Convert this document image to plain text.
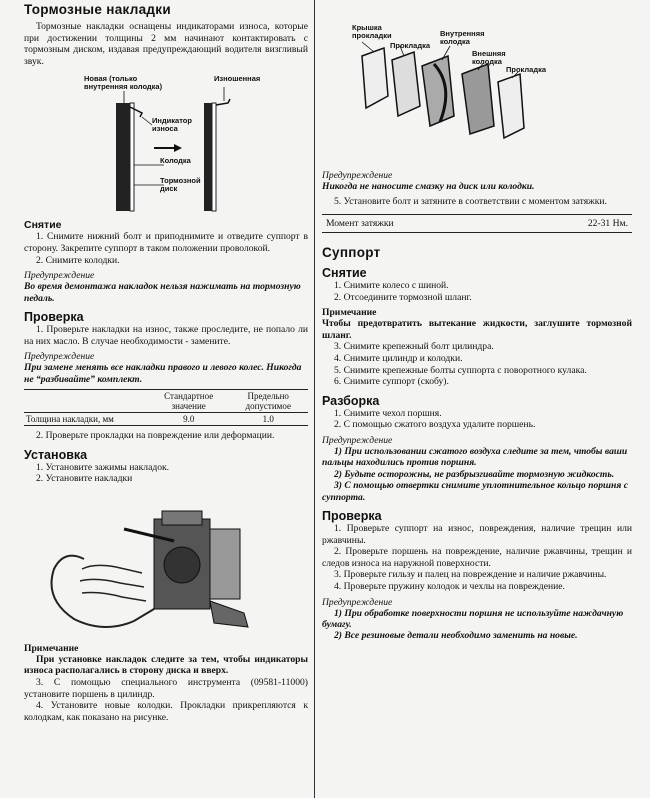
Тормозные накладки

Тормозные накладки оснащены индикаторами износа, которые при достижении толщины 2 мм начинают контактировать с тормозным диском, издавая предупреждающий водителя визгливый звук.

Новая (только внутренняя колодка)
Изношенная
Индикатор износа
Колодка
Тормозной диск
Снятие

1. Снимите нижний болт и приподнимите и отведите суппорт в сторону. Закрепите суппорт в таком положении проволокой.

2. Снимите колодки.

Предупреждение
Во время демонтажа накладок нельзя нажимать на тормозную педаль.
Проверка

1. Проверьте накладки на износ, также проследите, не попало ли на них масло. В случае необходимости - замените.

Предупреждение
При замене менять все накладки правого и левого колес. Никогда не “разбивайте” комплект.
	Стандартное значение	Предельно допустимое
Толщина накладки, мм	9.0	1.0

2. Проверьте прокладки на повреждение или деформации.

Установка

1. Установите зажимы накладок.

2. Установите накладки

Примечание

При установке накладок следите за тем, чтобы индикаторы износа располагались в сторону диска и вверх.

3. С помощью специального инструмента (09581-11000) установите поршень в цилиндр.

4. Установите новые колодки. Прокладки прикрепляются к колодкам, как показано на рисунке.

Крышка прокладки
Прокладка
Внутренняя колодка
Внешняя колодка
Прокладка
Предупреждение
Никогда не наносите смазку на диск или колодки.

5. Установите болт и затяните в соответствии с моментом затяжки.

Момент затяжки	22-31 Нм.
Суппорт
Снятие

1. Снимите колесо с шиной.

2. Отсоедините тормозной шланг.

Примечание

Чтобы предотвратить вытекание жидкости, заглушите тормозной шланг.

3. Снимите крепежный болт цилиндра.

4. Снимите цилиндр и колодки.

5. Снимите крепежные болты суппорта с поворотного кулака.

6. Снимите суппорт (скобу).

Разборка

1. Снимите чехол поршня.

2. С помощью сжатого воздуха удалите поршень.

Предупреждение
1) При использовании сжатого воздуха следите за тем, чтобы ваши пальцы находились против поршня.
2) Будьте осторожны, не разбрызгивайте тормозную жидкость.
3) С помощью отвертки снимите уплотнительное кольцо поршня с суппорта.
Проверка

1. Проверьте суппорт на износ, повреждения, наличие трещин или ржавчины.

2. Проверьте поршень на повреждение, наличие ржавчины, трещин и следов износа на наружной поверхности.

3. Проверьте гильзу и палец на повреждение и наличие ржавчины.

4. Проверьте пружину колодок и чехлы на повреждение.

Предупреждение
1) При обработке поверхности поршня не используйте наждачную бумагу.
2) Все резиновые детали необходимо заменить на новые.
